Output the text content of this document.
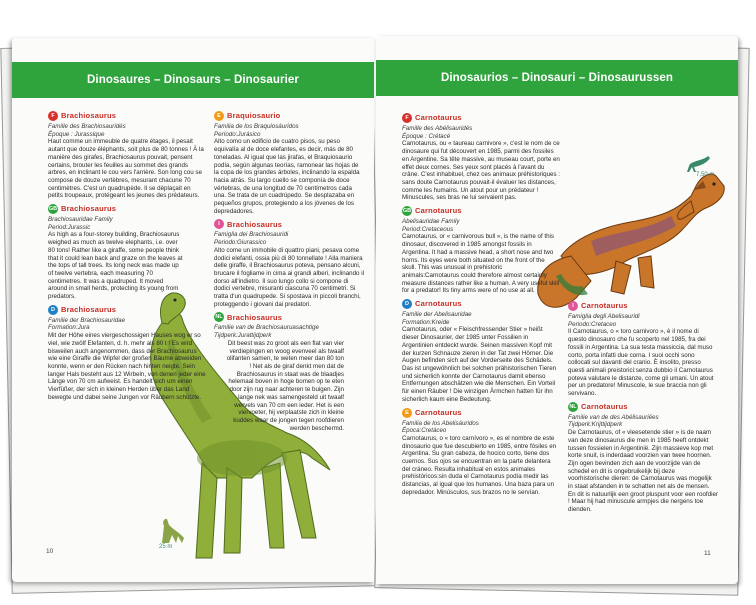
Dinosaures – Dinosaurs – Dinosaurier
25 m
F Brachiosaurus
Famille des Brachiosauridés
Époque : Jurassique
Haut comme un immeuble de quatre étages, il pesait autant que douze éléphants, soit plus de 80 tonnes ! À la manière des girafes, Brachiosaurus pouvait, pensent certains, brouter les feuilles au sommet des grands arbres, en inclinant le cou vers l'arrière. Son long cou se compose de douze vertèbres, mesurant chacune 70 centimètres. C'est un quadrupède. Il se déplaçait en petits troupeaux, protégeant les jeunes des prédateurs.
GB Brachiosaurus
Brachiosauridae Family
Period:Jurassic
As high as a four-storey building, Brachiosaurus weighed as much as twelve elephants, i.e. over 80 tons! Rather like a giraffe, some people think that it could lean back and graze on the leaves at the tops of tall trees. Its long neck was made up of twelve vertebra, each measuring 70 centimetres. It was a quadruped. It moved around in small herds, protecting its young from predators.
D Brachiosaurus
Familie der Brachiosauridae
Formation:Jura
Mit der Höhe eines viergeschossigen Hauses wog er so viel, wie zwölf Elefanten, d. h. mehr als 80 t ! Es wird bisweilen auch angenommen, dass der Brachiosaurus wie eine Giraffe die Wipfel der großen Bäume abweiden konnte, wenn er den Rücken nach hinten neigte. Sein langer Hals besteht aus 12 Wirbeln, von denen jeder eine Länge von 70 cm aufweist. Es handelt sich um einen Vierfüßer, der sich in kleinen Herden über das Land bewegte und dabei seine Jungen vor Räubern schützte.
E Braquiosaurio
Familia de los Braquiosáuridos
Período:Jurásico
Alto como un edificio de cuatro pisos, su peso equivalía al de doce elefantes, es decir, más de 80 toneladas. Al igual que las jirafas, el Braquiosaurio podía, según algunas teorías, ramonear las hojas de la copa de los grandes árboles, inclinando la espalda hacia atrás. Su largo cuello se componía de doce vértebras, de una longitud de 70 centímetros cada una. Se trata de un cuadrúpedo. Se desplazaba en pequeños grupos, protegiendo a los jóvenes de los depredadores.
I Brachiosaurus
Famiglia dei Brachiosauridi
Periodo:Giurassico
Alto come un immobile di quattro piani, pesava come dodici elefanti, ossia più di 80 tonnellate ! Alla maniera delle giraffe, il Brachiosaurus poteva, pensano alcuni, brucare il fogliame in cima ai grandi alberi, inclinando il dorso all'indietro. Il suo lungo collo si compone di dodici vertebre, misuranti ciascuna 70 centimetri. Si tratta d'un quadrupede. Si spostava in piccoli branchi, proteggendo i giovani dai predatori.
NL Brachiosaurus
Familie van de Brachiosauruasachtige
Tijdperk:Jurattijdperk
Dit beest was zo groot als een flat van vier verdiepingen en woog evenveel als twaalf olifanten samen, te weten meer dan 80 ton ! Net als de giraf denkt men dat de Brachiosaurus in staat was de blaadjes helemaal boven in hoge bomen op te eten door zijn rug naar achteren te buigen. Zijn lange nek was samengesteld uit twaalf wervels van 70 cm een ieder. Het is een viervoeter, hij verplaatste zich in kleine kuddes waar de jongen tegen roofdieren werden beschermd.
10
Dinosaurios – Dinosauri – Dinosaurussen
7,50 m
F Carnotaurus
Famille des Abélisauridés
Époque : Crétacé
Carnotaurus, ou « taureau carnivore », c'est le nom de ce dinosaure qui fut découvert en 1985, parmi des fossiles en Argentine. Sa tête massive, au museau court, porte en effet deux cornes. Ses yeux sont placés à l'avant du crâne. C'est inhabituel, chez ces animaux préhistoriques : sans doute Carnotaurus pouvait-il évaluer les distances, comme les humains. Un atout pour un prédateur ! Minuscules, ses bras ne lui servaient pas.
GB Carnotaurus
Abelisauridae Family
Period:Cretaceous
Carnotaurus, or « carnivorous bull », is the name of this dinosaur, discovered in 1985 amongst fossils in Argentina. It had a massive head, a short nose and two horns. Its eyes were both situated on the front of the skull. This was unusual in prehistoric animals:Carnotaurus could therefore almost certainly measure distances rather like a human. A very useful skill for a predator! Its tiny arms were of no use at all.
D Carnotaurus
Familie der Abelisauridae
Formation:Kreide
Carnotaurus, oder « Fleischfressender Stier » heißt dieser Dinosaurier, der 1985 unter Fossilien in Argentinien entdeckt wurde. Seinen massiven Kopf mit der kurzen Schnauze zieren in der Tat zwei Hörner. Die Augen befinden sich auf der Vorderseite des Schädels. Das ist ungewöhnlich bei solchen prähistorischen Tieren und sicherlich konnte der Carnotaurus damit ebenso Entfernungen abschätzen wie die Menschen. Ein Vorteil für einen Räuber ! Die winzigen Ärmchen hatten für ihn sicherlich kaum eine Bedeutung.
E Carnotaurus
Familia de los Abelisáuridos
Época:Cretáceo
Carnotaurus, o « toro carnívoro », es el nombre de este dinosaurio que fue descubierto en 1985, entre fósiles en Argentina. Su gran cabeza, de hocico corto, tiene dos cuernos. Sus ojos se encuentran en la parte delantera del cráneo. Resulta inhabitual en estos animales prehistóricos:sin duda el Carnotaurus podía medir las distancias, al igual que los humanos. Una baza para un depredador. Minúsculos, sus brazos no le servían.
I Carnotaurus
Famiglia degli Abelisauridi
Periodo:Cretaceo
Il Carnotaurus, o « toro carnivoro », è il nome di questo dinosauro che fu scoperto nel 1985, fra dei fossili in Argentina. La sua testa massiccia, dal muso corto, porta infatti due corna. I suoi occhi sono collocati sul davanti del cranio. È insolito, presso questi animali preistorici:senza dubbio il Carnotaurus poteva valutare le distanze, come gli umani. Un atout per un predatore! Minuscole, le sue braccia non gli servivano.
NL Carnotaurus
Familie van de des Abélisauriëes
Tijdperk:Krijttijdperk
De Carnotaurus, of « vleesetende stier » is de naam van deze dinosaurus die men in 1985 heeft ontdekt tussen fossielen in Argentinië. Zijn massieve kop met korte snuit, is inderdaad voorzien van twee hoornen. Zijn ogen bevinden zich aan de voorzijde van de schedel en dit is ongebruikelijk bij deze voorhistorische dieren: de Carnotaurus was mogelijk in staat afstanden in te schatten net als de mensen. En dit is natuurlijk een groot pluspunt voor een roofdier ! Maar hij had minuscule armpjes die nergens toe dienden.
11
